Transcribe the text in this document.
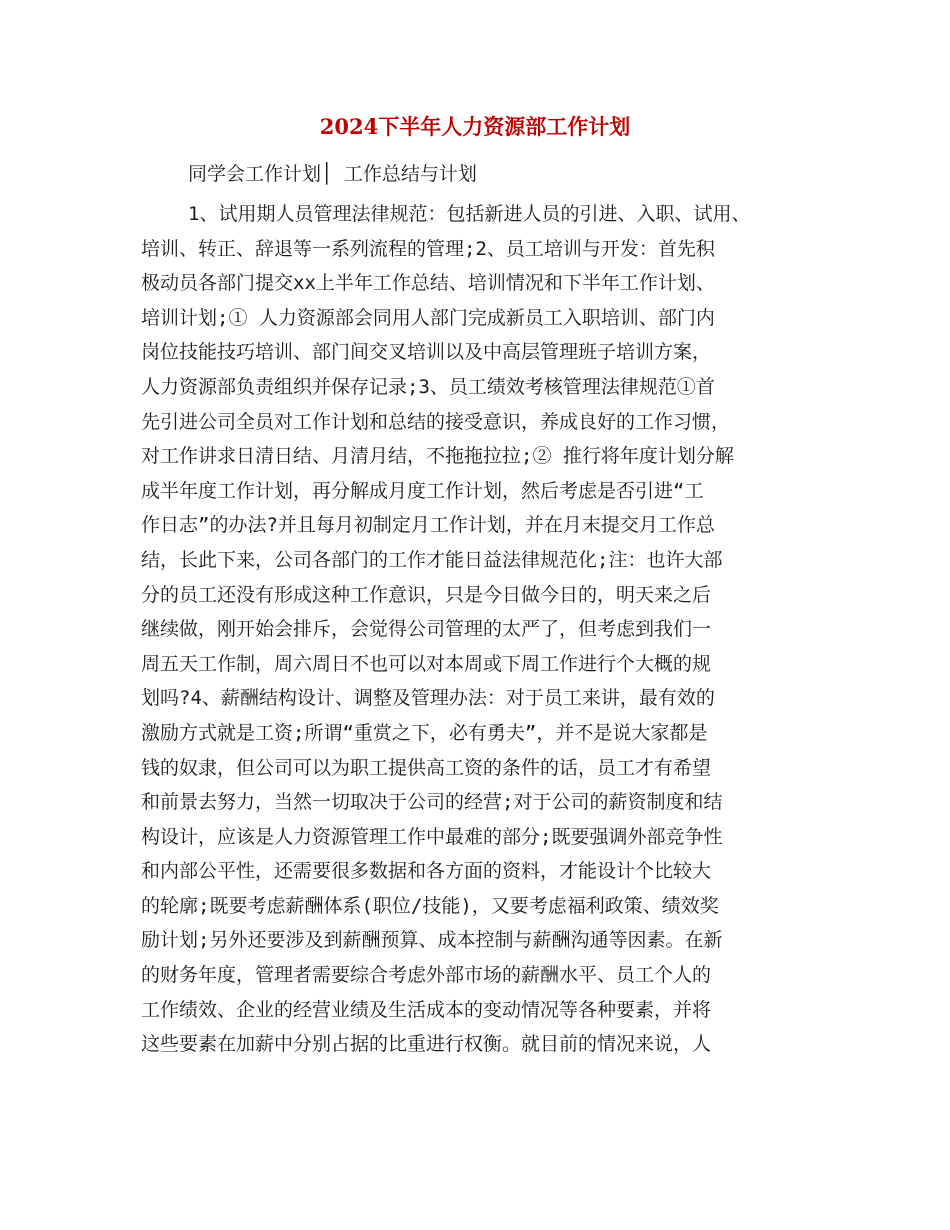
2024下半年人力资源部工作计划
同学会工作计划│ 工作总结与计划
1、试用期人员管理法律规范：包括新进人员的引进、入职、试用、
培训、转正、辞退等一系列流程的管理;2、员工培训与开发：首先积
极动员各部门提交xx上半年工作总结、培训情况和下半年工作计划、
培训计划;① 人力资源部会同用人部门完成新员工入职培训、部门内
岗位技能技巧培训、部门间交叉培训以及中高层管理班子培训方案，
人力资源部负责组织并保存记录;3、员工绩效考核管理法律规范①首
先引进公司全员对工作计划和总结的接受意识，养成良好的工作习惯，
对工作讲求日清日结、月清月结，不拖拖拉拉;② 推行将年度计划分解
成半年度工作计划，再分解成月度工作计划，然后考虑是否引进“工
作日志”的办法?并且每月初制定月工作计划，并在月末提交月工作总
结，长此下来，公司各部门的工作才能日益法律规范化;注：也许大部
分的员工还没有形成这种工作意识，只是今日做今日的，明天来之后
继续做，刚开始会排斥，会觉得公司管理的太严了，但考虑到我们一
周五天工作制，周六周日不也可以对本周或下周工作进行个大概的规
划吗?4、薪酬结构设计、调整及管理办法：对于员工来讲，最有效的
激励方式就是工资;所谓“重赏之下，必有勇夫”，并不是说大家都是
钱的奴隶，但公司可以为职工提供高工资的条件的话，员工才有希望
和前景去努力，当然一切取决于公司的经营;对于公司的薪资制度和结
构设计，应该是人力资源管理工作中最难的部分;既要强调外部竞争性
和内部公平性，还需要很多数据和各方面的资料，才能设计个比较大
的轮廓;既要考虑薪酬体系(职位/技能)，又要考虑福利政策、绩效奖
励计划;另外还要涉及到薪酬预算、成本控制与薪酬沟通等因素。在新
的财务年度，管理者需要综合考虑外部市场的薪酬水平、员工个人的
工作绩效、企业的经营业绩及生活成本的变动情况等各种要素，并将
这些要素在加薪中分别占据的比重进行权衡。就目前的情况来说，人
